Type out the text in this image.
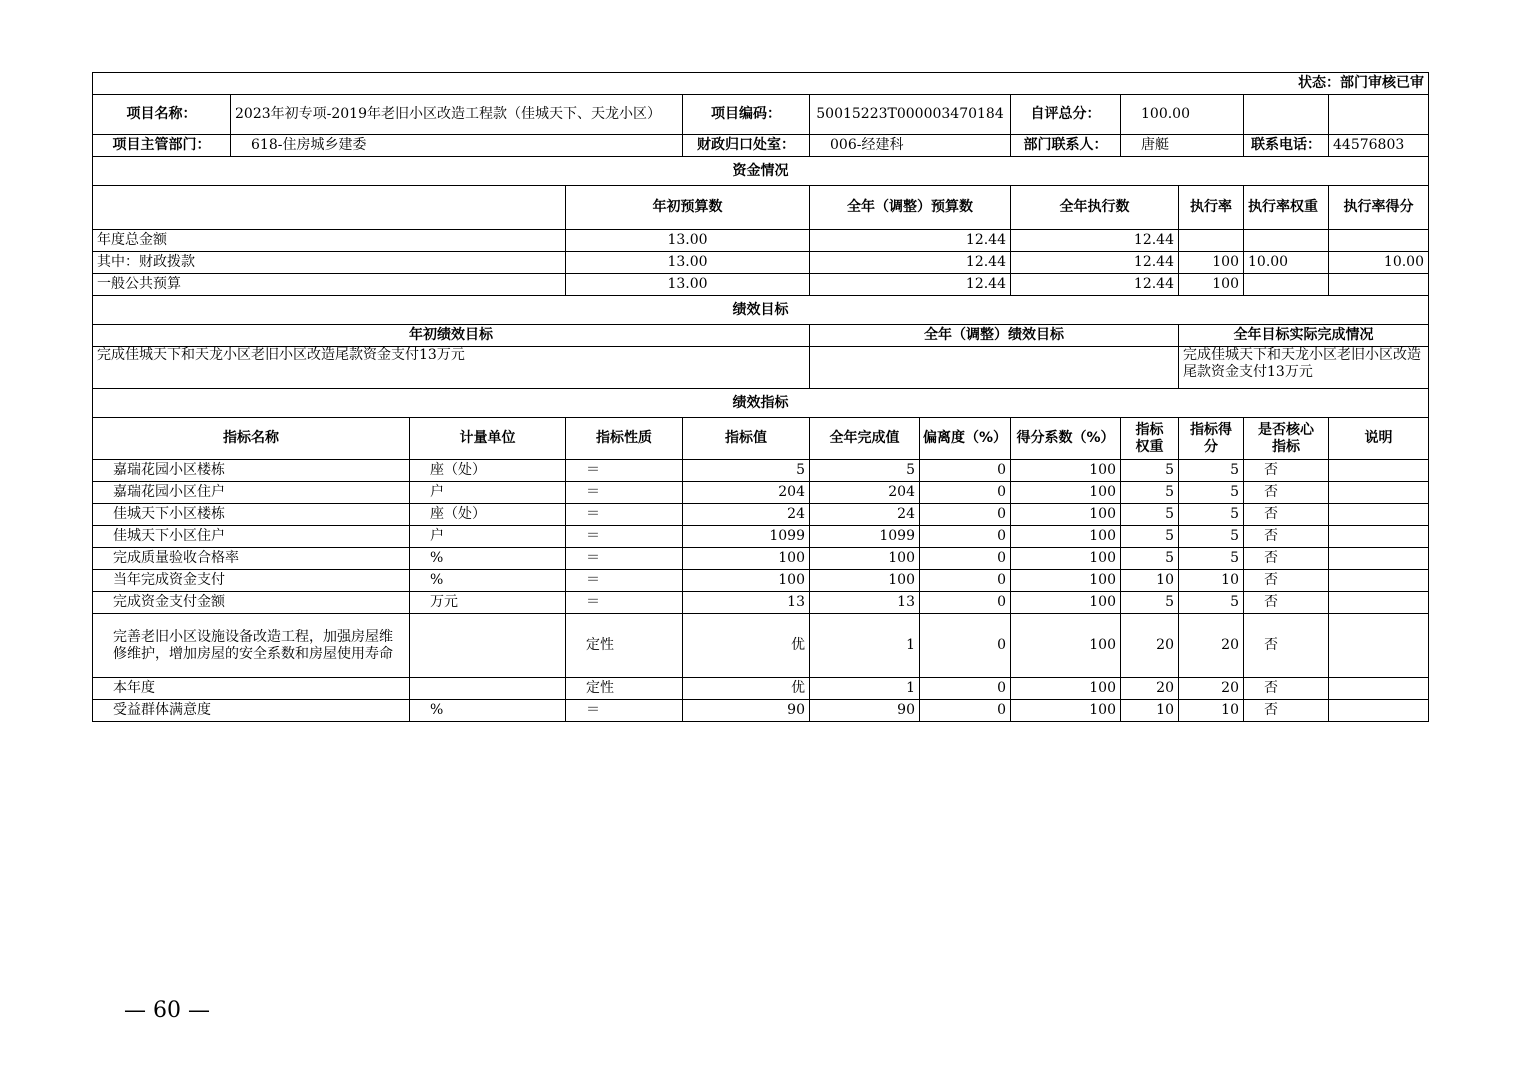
状态：部门审核已审											
项目名称：	2023年初专项-2019年老旧小区改造工程款（佳城天下、天龙小区）			项目编码：	50015223T000003470184		自评总分：	100.00			
项目主管部门：	618-住房城乡建委			财政归口处室：	006-经建科		部门联系人：	唐艇		联系电话：	44576803
资金情况											
			年初预算数		全年（调整）预算数		全年执行数		执行率	执行率权重	执行率得分
年度总金额			13.00		12.44		12.44				
其中：财政拨款			13.00		12.44		12.44		100	10.00	10.00
一般公共预算			13.00		12.44		12.44		100		
绩效目标											
年初绩效目标					全年（调整）绩效目标				全年目标实际完成情况		
完成佳城天下和天龙小区老旧小区改造尾款资金支付13万元									完成佳城天下和天龙小区老旧小区改造尾款资金支付13万元		
绩效指标											
指标名称		计量单位	指标性质	指标值	全年完成值	偏离度（%）	得分系数（%）	指标权重	指标得分	是否核心指标	说明
嘉瑞花园小区楼栋		座（处）	＝	5	5	0	100	5	5	否	
嘉瑞花园小区住户		户	＝	204	204	0	100	5	5	否	
佳城天下小区楼栋		座（处）	＝	24	24	0	100	5	5	否	
佳城天下小区住户		户	＝	1099	1099	0	100	5	5	否	
完成质量验收合格率		%	＝	100	100	0	100	5	5	否	
当年完成资金支付		%	＝	100	100	0	100	10	10	否	
完成资金支付金额		万元	＝	13	13	0	100	5	5	否	
完善老旧小区设施设备改造工程，加强房屋维修维护，增加房屋的安全系数和房屋使用寿命			定性	优	1	0	100	20	20	否	
本年度			定性	优	1	0	100	20	20	否	
受益群体满意度		%	＝	90	90	0	100	10	10	否	
— 60 —
